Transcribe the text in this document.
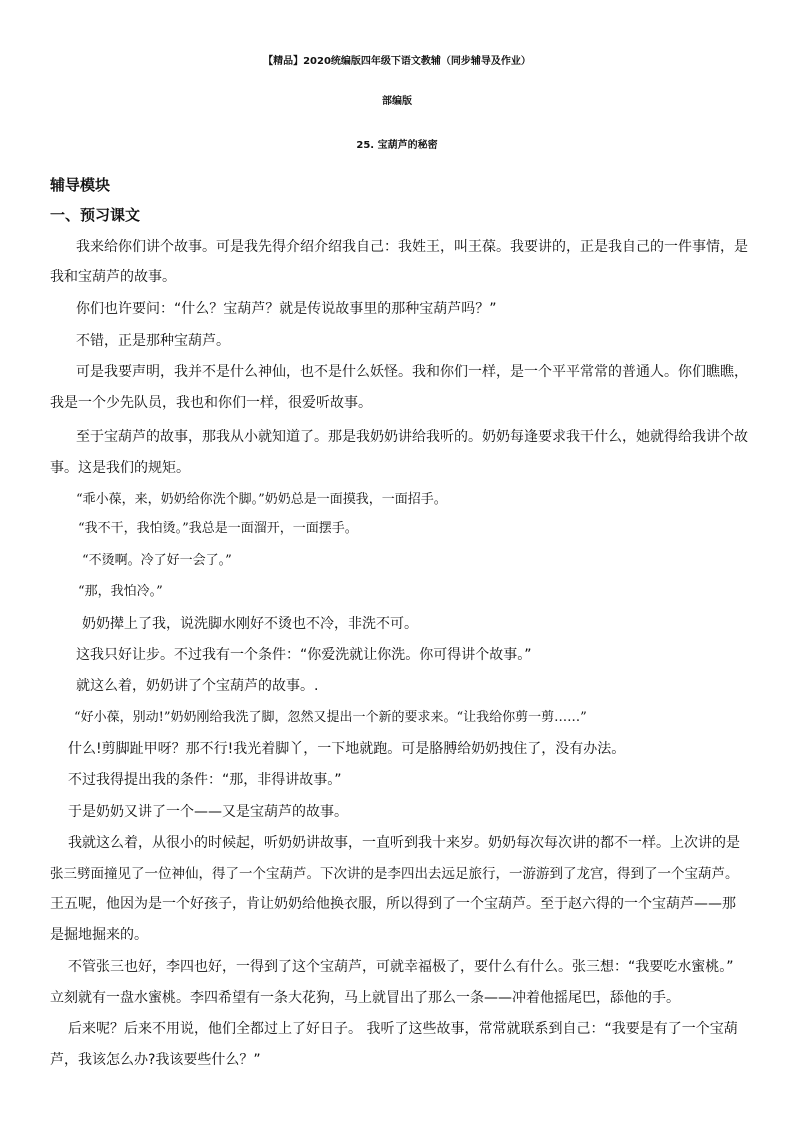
【精品】2020统编版四年级下语文教辅（同步辅导及作业）
部编版
25. 宝葫芦的秘密
辅导模块
一、预习课文
我来给你们讲个故事。可是我先得介绍介绍我自己：我姓王，叫王葆。我要讲的，正是我自己的一件事情，是
我和宝葫芦的故事。
你们也许要问：“什么？宝葫芦？就是传说故事里的那种宝葫芦吗？”
不错，正是那种宝葫芦。
可是我要声明，我并不是什么神仙，也不是什么妖怪。我和你们一样，是一个平平常常的普通人。你们瞧瞧，
我是一个少先队员，我也和你们一样，很爱听故事。
至于宝葫芦的故事，那我从小就知道了。那是我奶奶讲给我听的。奶奶每逢要求我干什么，她就得给我讲个故
事。这是我们的规矩。
“乖小葆，来，奶奶给你洗个脚。”奶奶总是一面摸我，一面招手。
“我不干，我怕烫。”我总是一面溜开，一面摆手。
“不烫啊。冷了好一会了。”
“那，我怕冷。”
奶奶撵上了我，说洗脚水刚好不烫也不冷，非洗不可。
这我只好让步。不过我有一个条件：“你爱洗就让你洗。你可得讲个故事。”
就这么着，奶奶讲了个宝葫芦的故事。.
“好小葆，别动!”奶奶刚给我洗了脚，忽然又提出一个新的要求来。“让我给你剪一剪……”
什么!剪脚趾甲呀？那不行!我光着脚丫，一下地就跑。可是胳膊给奶奶拽住了，没有办法。
不过我得提出我的条件：“那，非得讲故事。”
于是奶奶又讲了一个——又是宝葫芦的故事。
我就这么着，从很小的时候起，听奶奶讲故事，一直听到我十来岁。奶奶每次每次讲的都不一样。上次讲的是
张三劈面撞见了一位神仙，得了一个宝葫芦。下次讲的是李四出去远足旅行，一游游到了龙宫，得到了一个宝葫芦。
王五呢，他因为是一个好孩子，肯让奶奶给他换衣服，所以得到了一个宝葫芦。至于赵六得的一个宝葫芦——那
是掘地掘来的。
不管张三也好，李四也好，一得到了这个宝葫芦，可就幸福极了，要什么有什么。张三想：“我要吃水蜜桃。”
立刻就有一盘水蜜桃。李四希望有一条大花狗，马上就冒出了那么一条——冲着他摇尾巴，舔他的手。
后来呢？后来不用说，他们全都过上了好日子。 我听了这些故事，常常就联系到自己：“我要是有了一个宝葫
芦，我该怎么办?我该要些什么？”
